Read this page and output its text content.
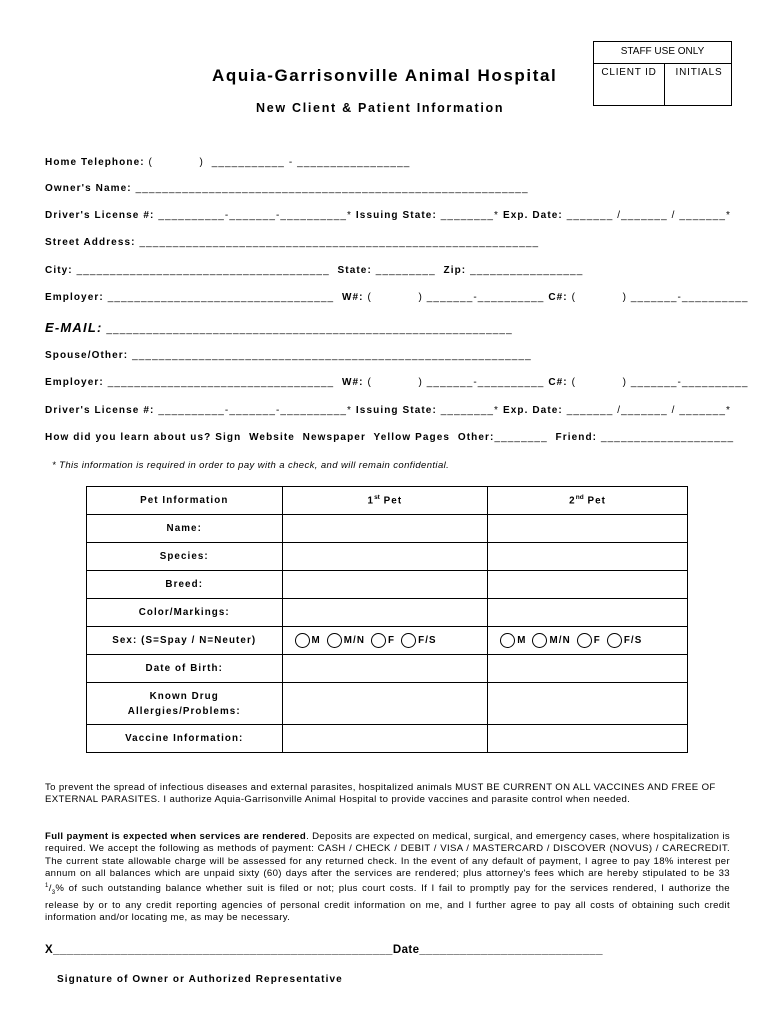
STAFF USE ONLY
CLIENT ID	INITIALS
Aquia-Garrisonville Animal Hospital
New Client & Patient Information
Home Telephone: (            )  ___________ - _________________
Owner's Name: ___________________________________________________________
Driver's License #: __________-_______-__________* Issuing State: ________* Exp. Date: _______ /_______ / _______*
Street Address: ____________________________________________________________
City: ______________________________________  State: _________  Zip: _________________
Employer: __________________________________  W#: (            ) _______-__________ C#: (            ) _______-__________
E-MAIL: _____________________________________________________________
Spouse/Other: ____________________________________________________________
Employer: __________________________________  W#: (            ) _______-__________ C#: (            ) _______-__________
Driver's License #: __________-_______-__________* Issuing State: ________* Exp. Date: _______ /_______ / _______*
How did you learn about us? Sign  Website  Newspaper  Yellow Pages  Other:________  Friend: ____________________
* This information is required in order to pay with a check, and will remain confidential.
Pet Information	1st Pet	2nd Pet
Name:		
Species:		
Breed:		
Color/Markings:		
Sex: (S=Spay / N=Neuter)	M M/N F F/S	M M/N F F/S

Date of Birth:		

Known Drug
Allergies/Problems:		

Vaccine Information:		
To prevent the spread of infectious diseases and external parasites, hospitalized animals MUST BE CURRENT ON ALL VACCINES AND FREE OF EXTERNAL PARASITES. I authorize Aquia-Garrisonville Animal Hospital to provide vaccines and parasite control when needed.
Full payment is expected when services are rendered. Deposits are expected on medical, surgical, and emergency cases, where hospitalization is required. We accept the following as methods of payment: CASH / CHECK / DEBIT / VISA / MASTERCARD / DISCOVER (NOVUS) / CARECREDIT. The current state allowable charge will be assessed for any returned check. In the event of any default of payment, I agree to pay 18% interest per annum on all balances which are unpaid sixty (60) days after the services are rendered; plus attorney's fees which are hereby stipulated to be 33 $^1/_3\%$ of such outstanding balance whether suit is filed or not; plus court costs. If I fail to promptly pay for the services rendered, I authorize the release by or to any credit reporting agencies of personal credit information on me, and I further agree to pay all costs of obtaining such credit information and/or locating me, as may be necessary.
X__________________________________________________Date___________________________
Signature of Owner or Authorized Representative
